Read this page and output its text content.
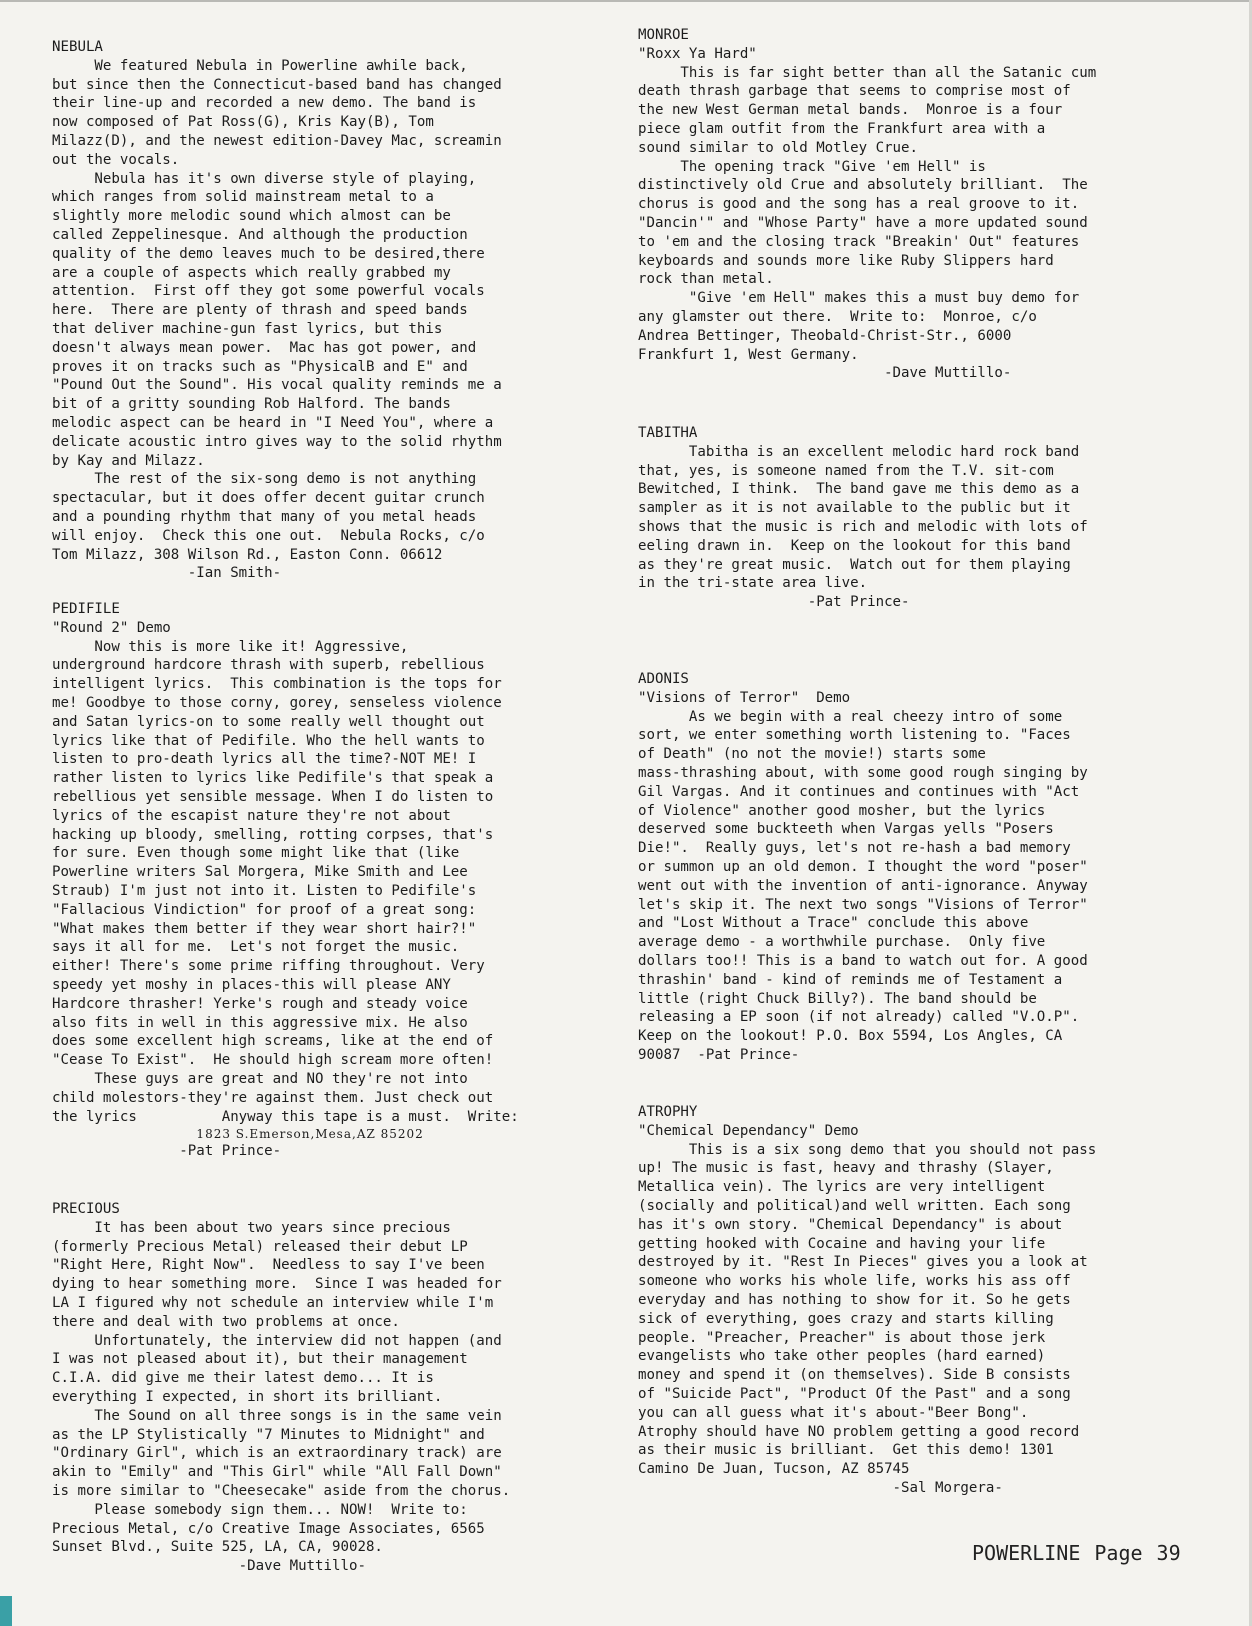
NEBULA
We featured Nebula in Powerline awhile back,
but since then the Connecticut-based band has changed
their line-up and recorded a new demo. The band is
now composed of Pat Ross(G), Kris Kay(B), Tom
Milazz(D), and the newest edition-Davey Mac, screamin
out the vocals.
Nebula has it's own diverse style of playing,
which ranges from solid mainstream metal to a
slightly more melodic sound which almost can be
called Zeppelinesque. And although the production
quality of the demo leaves much to be desired,there
are a couple of aspects which really grabbed my
attention.  First off they got some powerful vocals
here.  There are plenty of thrash and speed bands
that deliver machine-gun fast lyrics, but this
doesn't always mean power.  Mac has got power, and
proves it on tracks such as "PhysicalB and E" and
"Pound Out the Sound". His vocal quality reminds me a
bit of a gritty sounding Rob Halford. The bands
melodic aspect can be heard in "I Need You", where a
delicate acoustic intro gives way to the solid rhythm
by Kay and Milazz.
The rest of the six-song demo is not anything
spectacular, but it does offer decent guitar crunch
and a pounding rhythm that many of you metal heads
will enjoy.  Check this one out.  Nebula Rocks, c/o
Tom Milazz, 308 Wilson Rd., Easton Conn. 06612
-Ian Smith-
PEDIFILE
"Round 2" Demo
Now this is more like it! Aggressive,
underground hardcore thrash with superb, rebellious
intelligent lyrics.  This combination is the tops for
me! Goodbye to those corny, gorey, senseless violence
and Satan lyrics-on to some really well thought out
lyrics like that of Pedifile. Who the hell wants to
listen to pro-death lyrics all the time?-NOT ME! I
rather listen to lyrics like Pedifile's that speak a
rebellious yet sensible message. When I do listen to
lyrics of the escapist nature they're not about
hacking up bloody, smelling, rotting corpses, that's
for sure. Even though some might like that (like
Powerline writers Sal Morgera, Mike Smith and Lee
Straub) I'm just not into it. Listen to Pedifile's
"Fallacious Vindiction" for proof of a great song:
"What makes them better if they wear short hair?!"
says it all for me.  Let's not forget the music.
either! There's some prime riffing throughout. Very
speedy yet moshy in places-this will please ANY
Hardcore thrasher! Yerke's rough and steady voice
also fits in well in this aggressive mix. He also
does some excellent high screams, like at the end of
"Cease To Exist".  He should high scream more often!
These guys are great and NO they're not into
child molestors-they're against them. Just check out
the lyrics          Anyway this tape is a must.  Write:
1823 S.Emerson,Mesa,AZ 85202
-Pat Prince-
PRECIOUS
It has been about two years since precious
(formerly Precious Metal) released their debut LP
"Right Here, Right Now".  Needless to say I've been
dying to hear something more.  Since I was headed for
LA I figured why not schedule an interview while I'm
there and deal with two problems at once.
Unfortunately, the interview did not happen (and
I was not pleased about it), but their management
C.I.A. did give me their latest demo... It is
everything I expected, in short its brilliant.
The Sound on all three songs is in the same vein
as the LP Stylistically "7 Minutes to Midnight" and
"Ordinary Girl", which is an extraordinary track) are
akin to "Emily" and "This Girl" while "All Fall Down"
is more similar to "Cheesecake" aside from the chorus.
Please somebody sign them... NOW!  Write to:
Precious Metal, c/o Creative Image Associates, 6565
Sunset Blvd., Suite 525, LA, CA, 90028.
-Dave Muttillo-
MONROE
"Roxx Ya Hard"
This is far sight better than all the Satanic cum
death thrash garbage that seems to comprise most of
the new West German metal bands.  Monroe is a four
piece glam outfit from the Frankfurt area with a
sound similar to old Motley Crue.
The opening track "Give 'em Hell" is
distinctively old Crue and absolutely brilliant.  The
chorus is good and the song has a real groove to it.
"Dancin'" and "Whose Party" have a more updated sound
to 'em and the closing track "Breakin' Out" features
keyboards and sounds more like Ruby Slippers hard
rock than metal.
"Give 'em Hell" makes this a must buy demo for
any glamster out there.  Write to:  Monroe, c/o
Andrea Bettinger, Theobald-Christ-Str., 6000
Frankfurt 1, West Germany.
-Dave Muttillo-
TABITHA
Tabitha is an excellent melodic hard rock band
that, yes, is someone named from the T.V. sit-com
Bewitched, I think.  The band gave me this demo as a
sampler as it is not available to the public but it
shows that the music is rich and melodic with lots of
eeling drawn in.  Keep on the lookout for this band
as they're great music.  Watch out for them playing
in the tri-state area live.
-Pat Prince-
ADONIS
"Visions of Terror"  Demo
As we begin with a real cheezy intro of some
sort, we enter something worth listening to. "Faces
of Death" (no not the movie!) starts some
mass-thrashing about, with some good rough singing by
Gil Vargas. And it continues and continues with "Act
of Violence" another good mosher, but the lyrics
deserved some buckteeth when Vargas yells "Posers
Die!".  Really guys, let's not re-hash a bad memory
or summon up an old demon. I thought the word "poser"
went out with the invention of anti-ignorance. Anyway
let's skip it. The next two songs "Visions of Terror"
and "Lost Without a Trace" conclude this above
average demo - a worthwhile purchase.  Only five
dollars too!! This is a band to watch out for. A good
thrashin' band - kind of reminds me of Testament a
little (right Chuck Billy?). The band should be
releasing a EP soon (if not already) called "V.O.P".
Keep on the lookout! P.O. Box 5594, Los Angles, CA
90087  -Pat Prince-
ATROPHY
"Chemical Dependancy" Demo
This is a six song demo that you should not pass
up! The music is fast, heavy and thrashy (Slayer,
Metallica vein). The lyrics are very intelligent
(socially and political)and well written. Each song
has it's own story. "Chemical Dependancy" is about
getting hooked with Cocaine and having your life
destroyed by it. "Rest In Pieces" gives you a look at
someone who works his whole life, works his ass off
everyday and has nothing to show for it. So he gets
sick of everything, goes crazy and starts killing
people. "Preacher, Preacher" is about those jerk
evangelists who take other peoples (hard earned)
money and spend it (on themselves). Side B consists
of "Suicide Pact", "Product Of the Past" and a song
you can all guess what it's about-"Beer Bong".
Atrophy should have NO problem getting a good record
as their music is brilliant.  Get this demo! 1301
Camino De Juan, Tucson, AZ 85745
-Sal Morgera-
POWERLINE Page 39
